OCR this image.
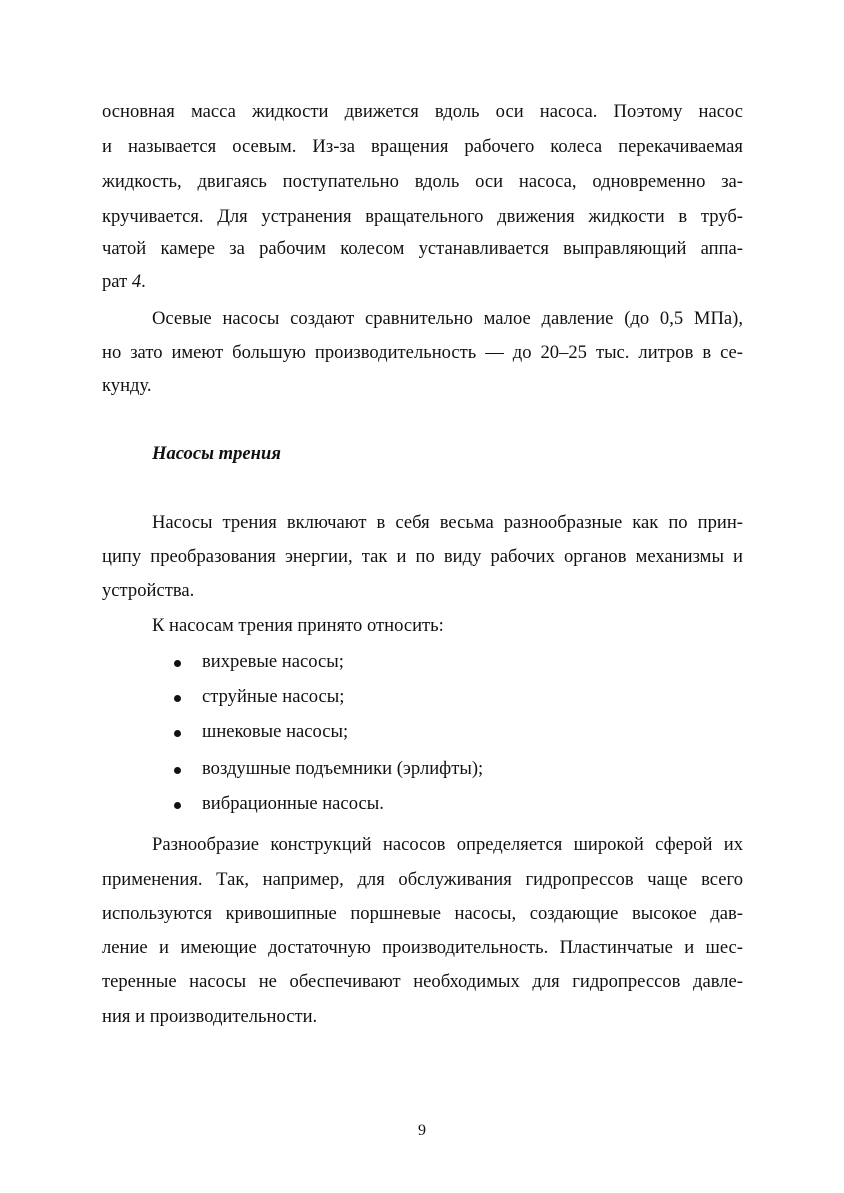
основная масса жидкости движется вдоль оси насоса. Поэтому насос
и называется осевым. Из-за вращения рабочего колеса перекачиваемая
жидкость, двигаясь поступательно вдоль оси насоса, одновременно за-
кручивается. Для устранения вращательного движения жидкости в труб-
чатой камере за рабочим колесом устанавливается выправляющий аппа-
рат 4.
Осевые насосы создают сравнительно малое давление (до 0,5 МПа),
но зато имеют большую производительность — до 20–25 тыс. литров в се-
кунду.
Насосы трения
Насосы трения включают в себя весьма разнообразные как по прин-
ципу преобразования энергии, так и по виду рабочих органов механизмы и
устройства.
К насосам трения принято относить:
вихревые насосы;
струйные насосы;
шнековые насосы;
воздушные подъемники (эрлифты);
вибрационные насосы.
Разнообразие конструкций насосов определяется широкой сферой их
применения. Так, например, для обслуживания гидропрессов чаще всего
используются кривошипные поршневые насосы, создающие высокое дав-
ление и имеющие достаточную производительность. Пластинчатые и шес-
теренные насосы не обеспечивают необходимых для гидропрессов давле-
ния и производительности.
9
